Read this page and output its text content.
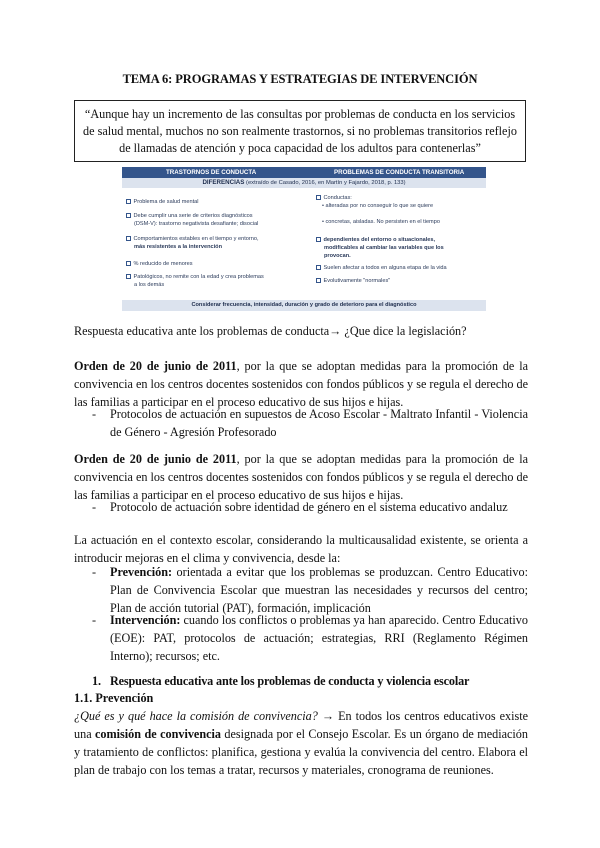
TEMA 6: PROGRAMAS Y ESTRATEGIAS DE INTERVENCIÓN
“Aunque hay un incremento de las consultas por problemas de conducta en los servicios de salud mental, muchos no son realmente trastornos, si no problemas transitorios reflejo de llamadas de atención y poca capacidad de los adultos para contenerlas”
TRASTORNOS DE CONDUCTA	PROBLEMAS DE CONDUCTA TRANSITORIA
DIFERENCIAS (extraído de Casado, 2016, en Martín y Fajardo, 2018, p. 133)
Problema de salud mental
Debe cumplir una serie de criterios diagnósticos
(DSM-V): trastorno negativista desafiante; disocial
Comportamientos estables en el tiempo y entorno,
más resistentes a la intervención
% reducido de menores
Patológicos, no remite con la edad y crea problemas
a los demás
Conductas:
• alteradas por no conseguir lo que se quiere
• concretas, aisladas. No persisten en el tiempo
dependientes del entorno o situacionales,
modificables al cambiar las variables que los
provocan.
Suelen afectar a todos en alguna etapa de la vida
Evolutivamente "normales"
Considerar frecuencia, intensidad, duración y grado de deterioro para el diagnóstico
Respuesta educativa ante los problemas de conducta→ ¿Que dice la legislación?
Orden de 20 de junio de 2011, por la que se adoptan medidas para la promoción de la convivencia en los centros docentes sostenidos con fondos públicos y se regula el derecho de las familias a participar en el proceso educativo de sus hijos e hijas.
- Protocolos de actuación en supuestos de Acoso Escolar - Maltrato Infantil - Violencia de Género - Agresión Profesorado
Orden de 20 de junio de 2011, por la que se adoptan medidas para la promoción de la convivencia en los centros docentes sostenidos con fondos públicos y se regula el derecho de las familias a participar en el proceso educativo de sus hijos e hijas.
- Protocolo de actuación sobre identidad de género en el sistema educativo andaluz
La actuación en el contexto escolar, considerando la multicausalidad existente, se orienta a introducir mejoras en el clima y convivencia, desde la:
- Prevención: orientada a evitar que los problemas se produzcan. Centro Educativo: Plan de Convivencia Escolar que muestran las necesidades y recursos del centro; Plan de acción tutorial (PAT), formación, implicación
- Intervención: cuando los conflictos o problemas ya han aparecido. Centro Educativo (EOE): PAT, protocolos de actuación; estrategias, RRI (Reglamento Régimen Interno); recursos; etc.
1. Respuesta educativa ante los problemas de conducta y violencia escolar
1.1. Prevención
¿Qué es y qué hace la comisión de convivencia? → En todos los centros educativos existe una comisión de convivencia designada por el Consejo Escolar. Es un órgano de mediación y tratamiento de conflictos: planifica, gestiona y evalúa la convivencia del centro. Elabora el plan de trabajo con los temas a tratar, recursos y materiales, cronograma de reuniones.
